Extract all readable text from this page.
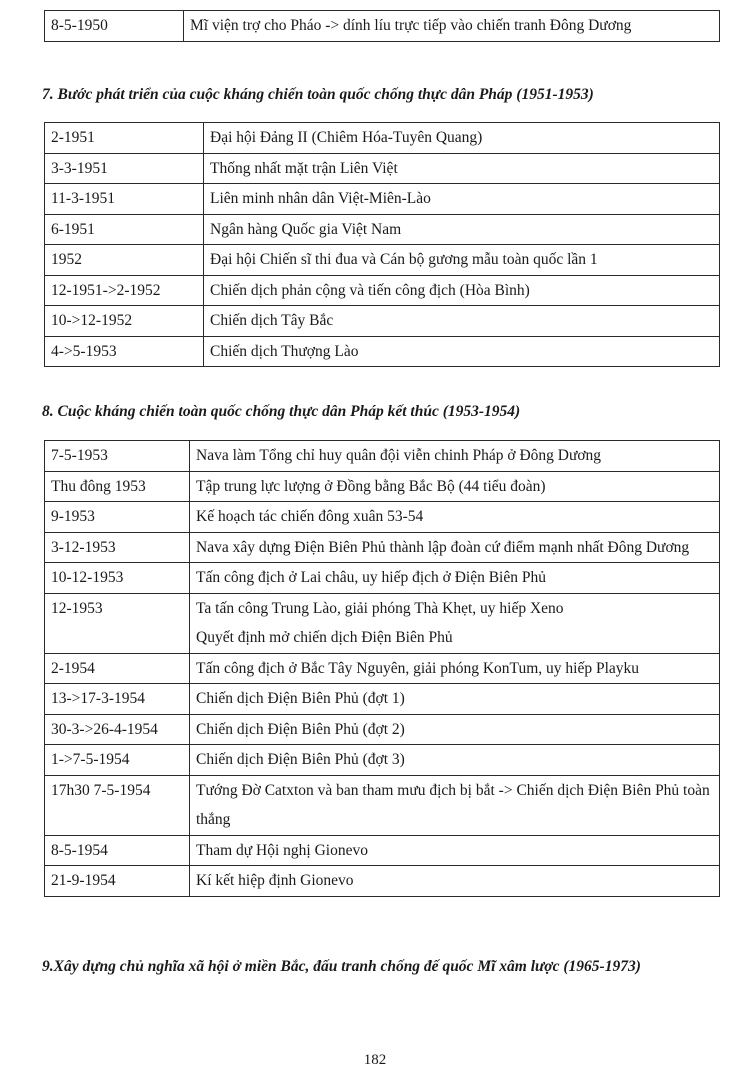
8-5-1950	Mĩ viện trợ cho Pháo -> dính líu trực tiếp vào chiến tranh Đông Dương
7. Bước phát triển của cuộc kháng chiến toàn quốc chống thực dân Pháp (1951-1953)
2-1951	Đại hội Đảng II (Chiêm Hóa-Tuyên Quang)
3-3-1951	Thống nhất mặt trận Liên Việt
11-3-1951	Liên minh nhân dân Việt-Miên-Lào
6-1951	Ngân hàng Quốc gia Việt Nam
1952	Đại hội Chiến sĩ thi đua và Cán bộ gương mẫu toàn quốc lần 1
12-1951->2-1952	Chiến dịch phản cộng và tiến công địch (Hòa Bình)
10->12-1952	Chiến dịch Tây Bắc
4->5-1953	Chiến dịch Thượng Lào
8. Cuộc kháng chiến toàn quốc chống thực dân Pháp kết thúc (1953-1954)
7-5-1953	Nava làm Tổng chỉ huy quân đội viễn chinh Pháp ở Đông Dương
Thu đông 1953	Tập trung lực lượng ở Đồng bằng Bắc Bộ (44 tiểu đoàn)
9-1953	Kế hoạch tác chiến đông xuân 53-54
3-12-1953	Nava xây dựng Điện Biên Phủ thành lập đoàn cứ điểm mạnh nhất Đông Dương
10-12-1953	Tấn công địch ở Lai châu, uy hiếp địch ở Điện Biên Phủ
12-1953	Ta tấn công Trung Lào, giải phóng Thà Khẹt, uy hiếp Xeno
Quyết định mở chiến dịch Điện Biên Phủ

2-1954	Tấn công địch ở Bắc Tây Nguyên, giải phóng KonTum, uy hiếp Playku
13->17-3-1954	Chiến dịch Điện Biên Phủ (đợt 1)
30-3->26-4-1954	Chiến dịch Điện Biên Phủ (đợt 2)
1->7-5-1954	Chiến dịch Điện Biên Phủ (đợt 3)
17h30 7-5-1954	Tướng Đờ Catxton và ban tham mưu địch bị bắt -> Chiến dịch Điện Biên Phủ toàn thắng
8-5-1954	Tham dự Hội nghị Gionevo
21-9-1954	Kí kết hiệp định Gionevo
9.Xây dựng chủ nghĩa xã hội ở miền Bắc, đấu tranh chống đế quốc Mĩ xâm lược (1965-1973)
182
